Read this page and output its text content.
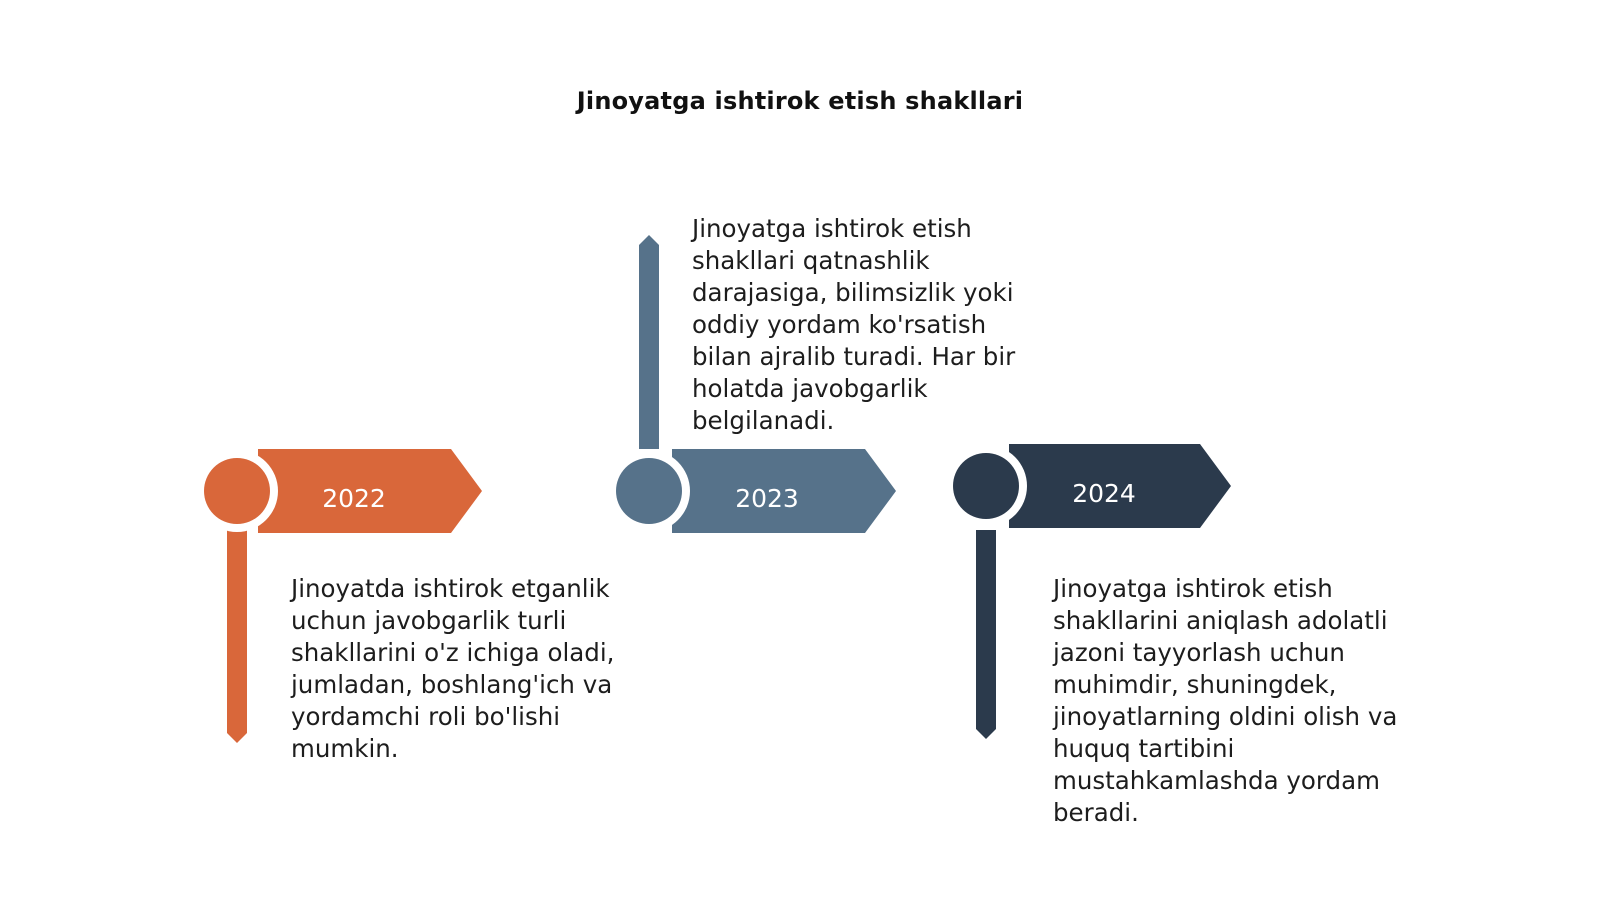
Jinoyatga ishtirok etish shakllari
2022	2023	2024
Jinoyatda ishtirok etganlik uchun javobgarlik turli shakllarini o'z ichiga oladi, jumladan, boshlang'ich va yordamchi roli bo'lishi mumkin.
Jinoyatga ishtirok etish shakllari qatnashlik darajasiga, bilimsizlik yoki oddiy yordam ko'rsatish bilan ajralib turadi. Har bir holatda javobgarlik belgilanadi.
Jinoyatga ishtirok etish shakllarini aniqlash adolatli jazoni tayyorlash uchun muhimdir, shuningdek, jinoyatlarning oldini olish va huquq tartibini mustahkamlashda yordam beradi.
